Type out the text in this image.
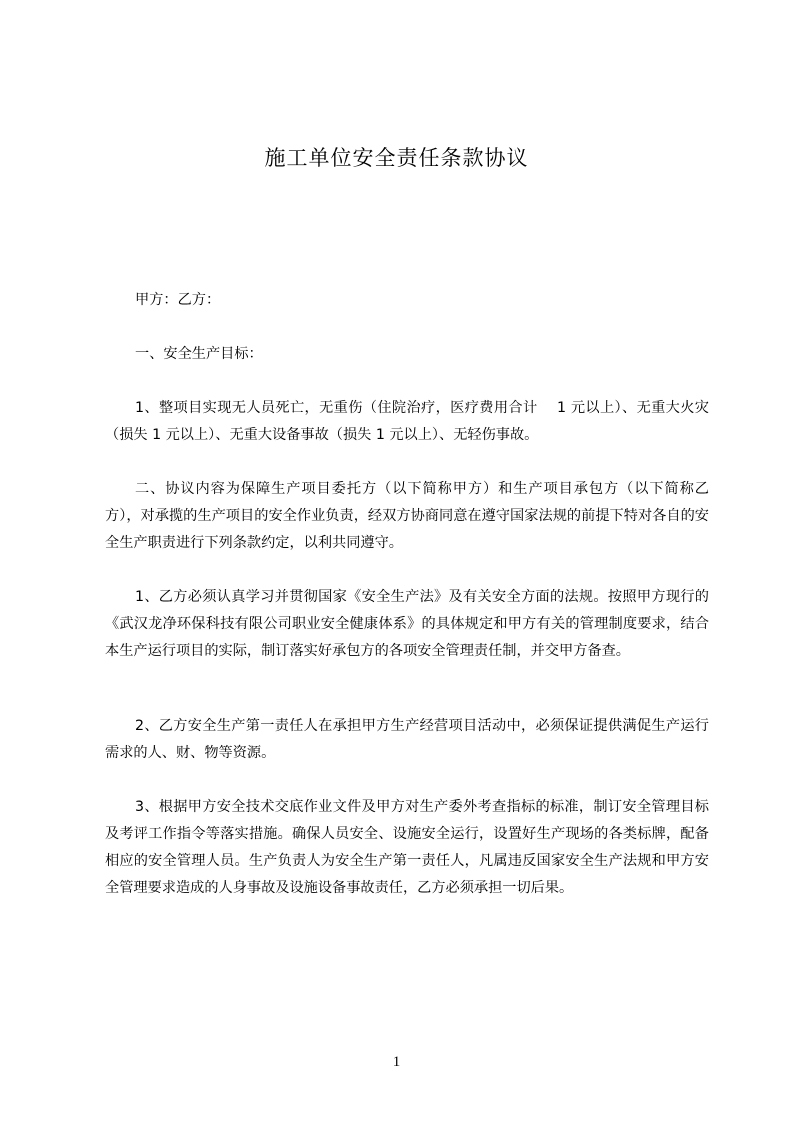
施工单位安全责任条款协议

甲方：乙方：

一、安全生产目标：

1、整项目实现无人员死亡，无重伤（住院治疗，医疗费用合计　 1 元以上）、无重大火灾（损失 1 元以上）、无重大设备事故（损失 1 元以上）、无轻伤事故。

二、协议内容为保障生产项目委托方（以下简称甲方）和生产项目承包方（以下简称乙方），对承揽的生产项目的安全作业负责，经双方协商同意在遵守国家法规的前提下特对各自的安全生产职责进行下列条款约定，以利共同遵守。

1、乙方必须认真学习并贯彻国家《安全生产法》及有关安全方面的法规。按照甲方现行的《武汉龙净环保科技有限公司职业安全健康体系》的具体规定和甲方有关的管理制度要求，结合本生产运行项目的实际，制订落实好承包方的各项安全管理责任制，并交甲方备查。

2、乙方安全生产第一责任人在承担甲方生产经营项目活动中，必须保证提供满促生产运行需求的人、财、物等资源。

3、根据甲方安全技术交底作业文件及甲方对生产委外考查指标的标准，制订安全管理目标及考评工作指令等落实措施。确保人员安全、设施安全运行，设置好生产现场的各类标牌，配备相应的安全管理人员。生产负责人为安全生产第一责任人，凡属违反国家安全生产法规和甲方安全管理要求造成的人身事故及设施设备事故责任，乙方必须承担一切后果。

1
